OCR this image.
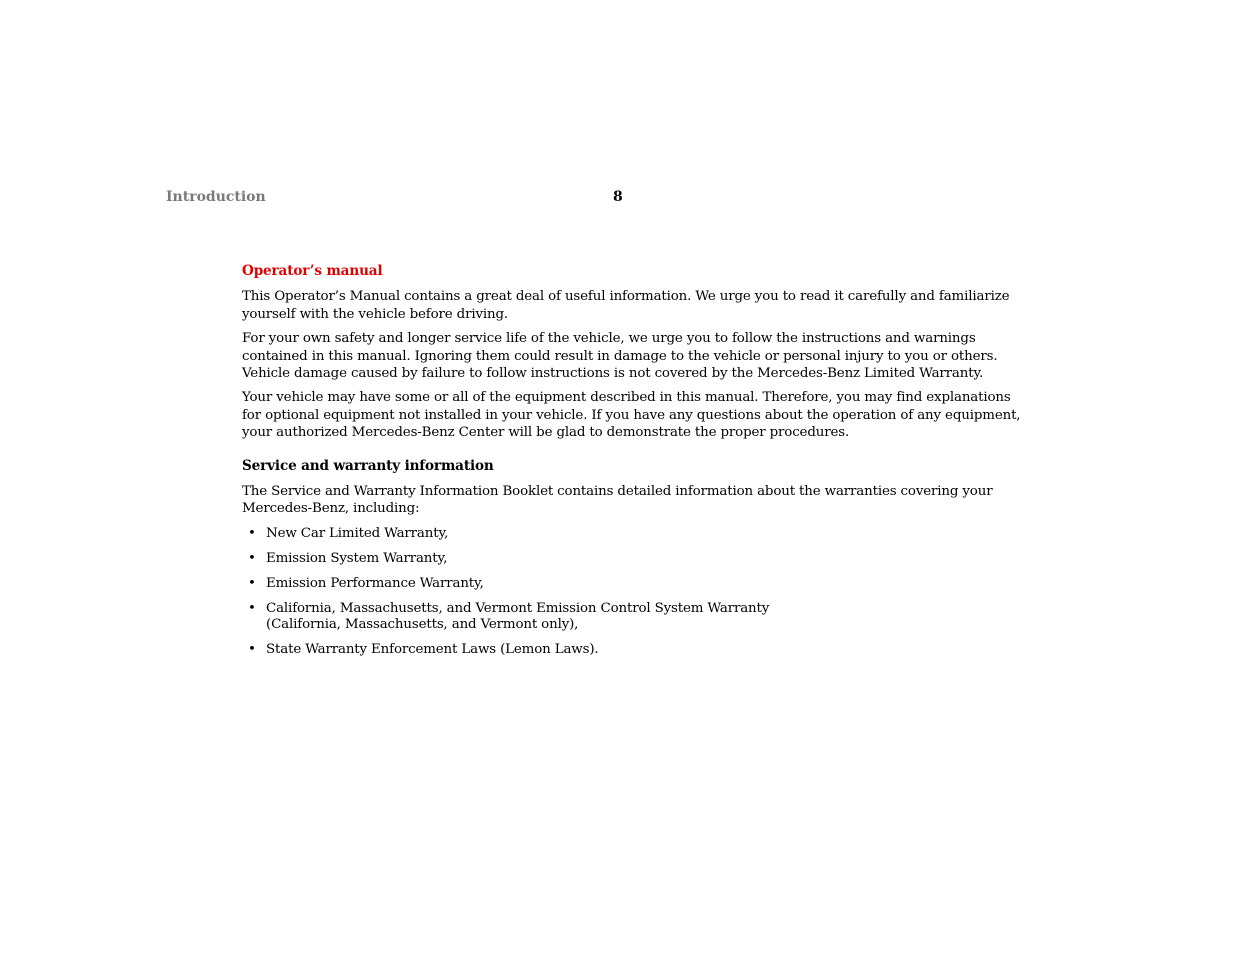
Introduction	8
Operator’s manual

This Operator’s Manual contains a great deal of useful information. We urge you to read it carefully and familiarize
yourself with the vehicle before driving.

For your own safety and longer service life of the vehicle, we urge you to follow the instructions and warnings
contained in this manual. Ignoring them could result in damage to the vehicle or personal injury to you or others.
Vehicle damage caused by failure to follow instructions is not covered by the Mercedes-Benz Limited Warranty.

Your vehicle may have some or all of the equipment described in this manual. Therefore, you may find explanations
for optional equipment not installed in your vehicle. If you have any questions about the operation of any equipment,
your authorized Mercedes-Benz Center will be glad to demonstrate the proper procedures.

Service and warranty information

The Service and Warranty Information Booklet contains detailed information about the warranties covering your
Mercedes-Benz, including:

• New Car Limited Warranty,
• Emission System Warranty,
• Emission Performance Warranty,
• California, Massachusetts, and Vermont Emission Control System Warranty
(California, Massachusetts, and Vermont only),
• State Warranty Enforcement Laws (Lemon Laws).
